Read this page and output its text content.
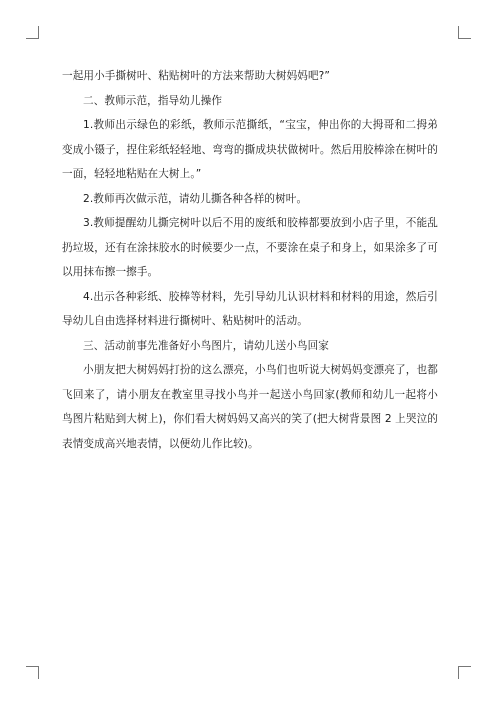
一起用小手撕树叶、粘贴树叶的方法来帮助大树妈妈吧?”

二、教师示范，指导幼儿操作

1.教师出示绿色的彩纸，教师示范撕纸，“宝宝，伸出你的大拇哥和二拇弟变成小镊子，捏住彩纸轻轻地、弯弯的撕成块状做树叶。然后用胶棒涂在树叶的一面，轻轻地粘贴在大树上。”

2.教师再次做示范，请幼儿撕各种各样的树叶。

3.教师提醒幼儿撕完树叶以后不用的废纸和胶棒都要放到小店子里，不能乱扔垃圾，还有在涂抹胶水的时候要少一点，不要涂在桌子和身上，如果涂多了可以用抹布擦一擦手。

4.出示各种彩纸、胶棒等材料，先引导幼儿认识材料和材料的用途，然后引导幼儿自由选择材料进行撕树叶、粘贴树叶的活动。

三、活动前事先准备好小鸟图片，请幼儿送小鸟回家

小朋友把大树妈妈打扮的这么漂亮，小鸟们也听说大树妈妈变漂亮了，也都飞回来了，请小朋友在教室里寻找小鸟并一起送小鸟回家(教师和幼儿一起将小鸟图片粘贴到大树上)，你们看大树妈妈又高兴的笑了(把大树背景图 2 上哭泣的表情变成高兴地表情，以便幼儿作比较)。
